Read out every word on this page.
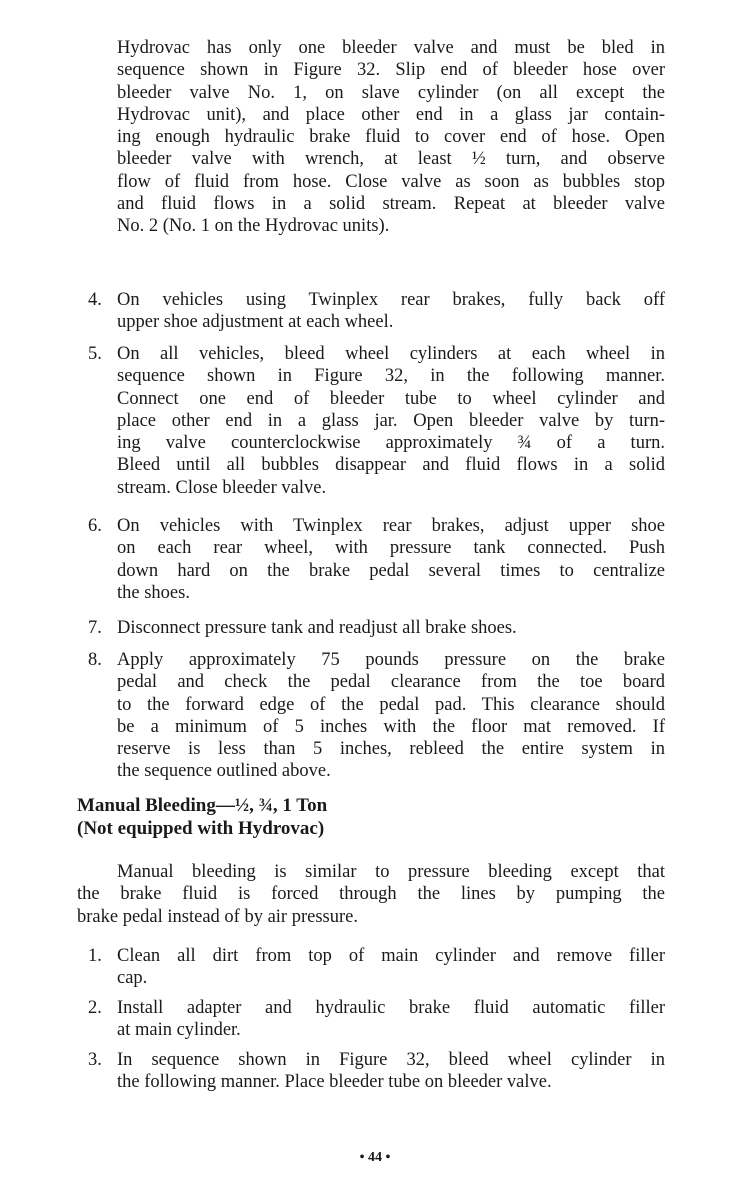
Hydrovac has only one bleeder valve and must be bled in
sequence shown in Figure 32. Slip end of bleeder hose over
bleeder valve No. 1, on slave cylinder (on all except the
Hydrovac unit), and place other end in a glass jar contain-
ing enough hydraulic brake fluid to cover end of hose. Open
bleeder valve with wrench, at least ½ turn, and observe
flow of fluid from hose. Close valve as soon as bubbles stop
and fluid flows in a solid stream. Repeat at bleeder valve
No. 2 (No. 1 on the Hydrovac units).
4. On vehicles using Twinplex rear brakes, fully back off
upper shoe adjustment at each wheel.
5. On all vehicles, bleed wheel cylinders at each wheel in
sequence shown in Figure 32, in the following manner.
Connect one end of bleeder tube to wheel cylinder and
place other end in a glass jar. Open bleeder valve by turn-
ing valve counterclockwise approximately ¾ of a turn.
Bleed until all bubbles disappear and fluid flows in a solid
stream. Close bleeder valve.
6. On vehicles with Twinplex rear brakes, adjust upper shoe
on each rear wheel, with pressure tank connected. Push
down hard on the brake pedal several times to centralize
the shoes.
7. Disconnect pressure tank and readjust all brake shoes.
8. Apply approximately 75 pounds pressure on the brake
pedal and check the pedal clearance from the toe board
to the forward edge of the pedal pad. This clearance should
be a minimum of 5 inches with the floor mat removed. If
reserve is less than 5 inches, rebleed the entire system in
the sequence outlined above.
Manual Bleeding—½, ¾, 1 Ton
(Not equipped with Hydrovac)
Manual bleeding is similar to pressure bleeding except that
the brake fluid is forced through the lines by pumping the
brake pedal instead of by air pressure.
1. Clean all dirt from top of main cylinder and remove filler
cap.
2. Install adapter and hydraulic brake fluid automatic filler
at main cylinder.
3. In sequence shown in Figure 32, bleed wheel cylinder in
the following manner. Place bleeder tube on bleeder valve.
• 44 •
